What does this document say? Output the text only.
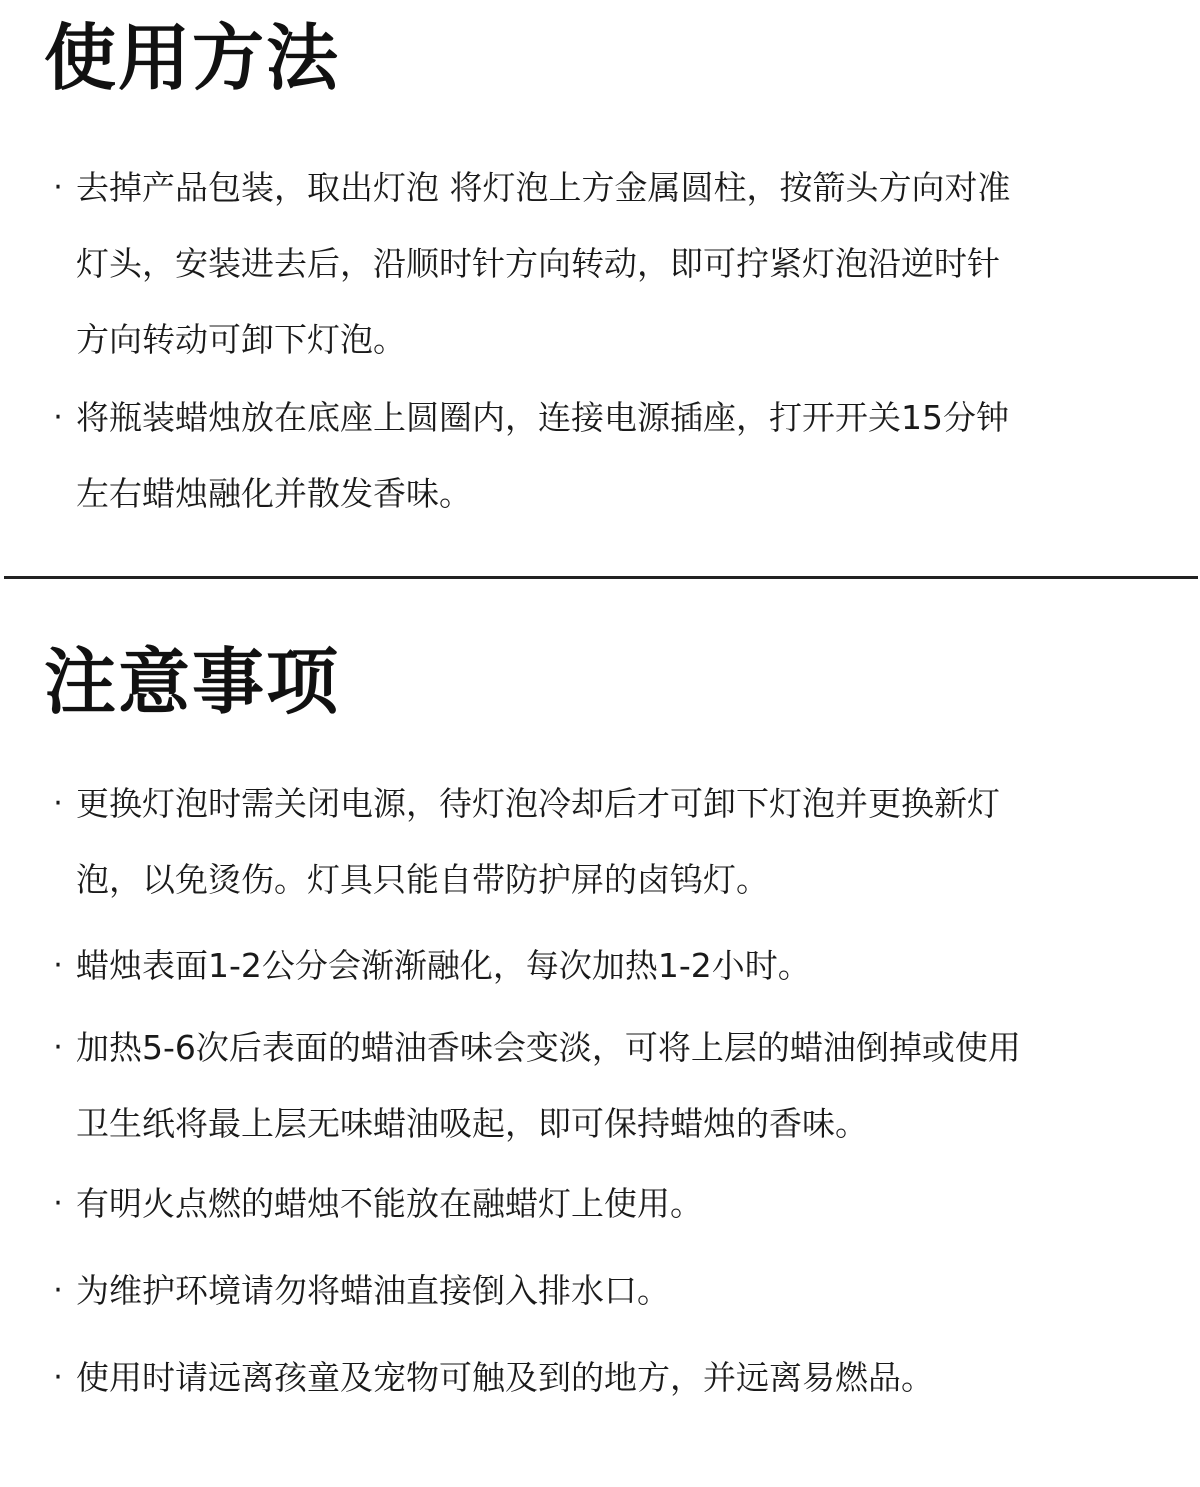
使用方法
· 去掉产品包装，取出灯泡 将灯泡上方金属圆柱，按箭头方向对准
灯头，安装进去后，沿顺时针方向转动，即可拧紧灯泡沿逆时针
方向转动可卸下灯泡。
· 将瓶装蜡烛放在底座上圆圈内，连接电源插座，打开开关15分钟
左右蜡烛融化并散发香味。
注意事项
· 更换灯泡时需关闭电源，待灯泡冷却后才可卸下灯泡并更换新灯
泡，以免烫伤。灯具只能自带防护屏的卤钨灯。
· 蜡烛表面1-2公分会渐渐融化，每次加热1-2小时。
· 加热5-6次后表面的蜡油香味会变淡，可将上层的蜡油倒掉或使用
卫生纸将最上层无味蜡油吸起，即可保持蜡烛的香味。
· 有明火点燃的蜡烛不能放在融蜡灯上使用。
· 为维护环境请勿将蜡油直接倒入排水口。
· 使用时请远离孩童及宠物可触及到的地方，并远离易燃品。
